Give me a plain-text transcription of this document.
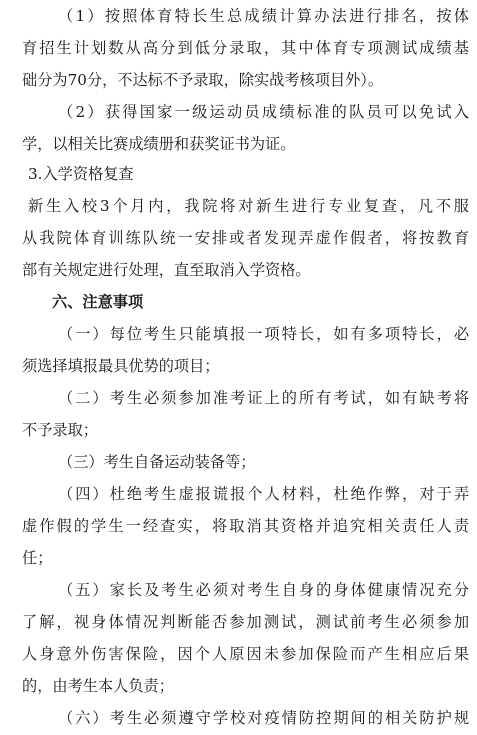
（1）按照体育特长生总成绩计算办法进行排名，按体
育招生计划数从高分到低分录取，其中体育专项测试成绩基
础分为70分，不达标不予录取，除实战考核项目外）。
（2）获得国家一级运动员成绩标准的队员可以免试入
学，以相关比赛成绩册和获奖证书为证。
3.入学资格复查
新生入校3个月内，我院将对新生进行专业复查，凡不服
从我院体育训练队统一安排或者发现弄虚作假者，将按教育
部有关规定进行处理，直至取消入学资格。
六、注意事项
（一）每位考生只能填报一项特长，如有多项特长，必
须选择填报最具优势的项目；
（二）考生必须参加准考证上的所有考试，如有缺考将
不予录取；
（三）考生自备运动装备等；
（四）杜绝考生虚报谎报个人材料，杜绝作弊，对于弄
虚作假的学生一经查实，将取消其资格并追究相关责任人责
任；
（五）家长及考生必须对考生自身的身体健康情况充分
了解，视身体情况判断能否参加测试，测试前考生必须参加
人身意外伤害保险，因个人原因未参加保险而产生相应后果
的，由考生本人负责；
（六）考生必须遵守学校对疫情防控期间的相关防护规
